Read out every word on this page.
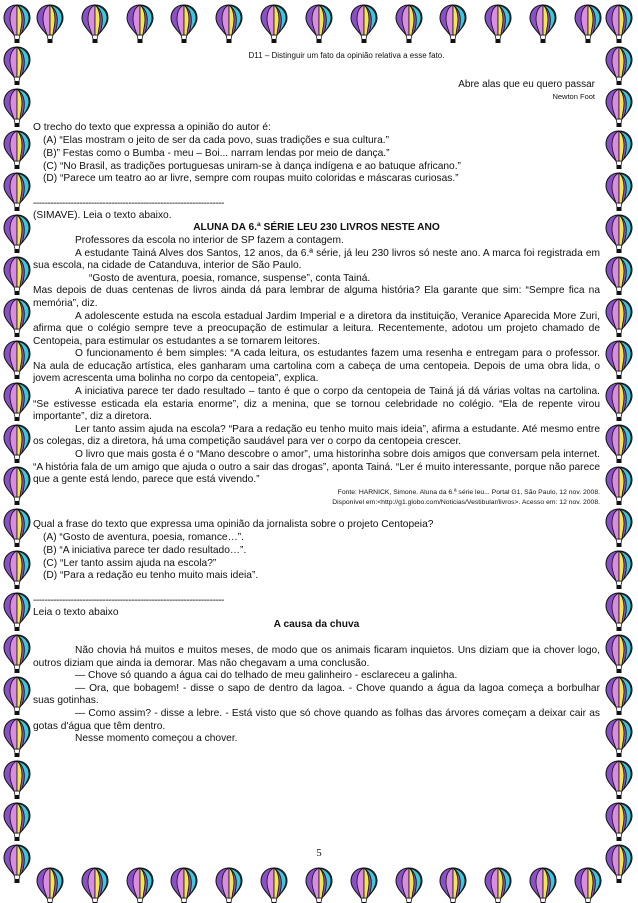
D11 – Distinguir um fato da opinião relativa a esse fato.
Abre alas que eu quero passar
Newton Foot
O trecho do texto que expressa a opinião do autor é:
(A) “Elas mostram o jeito de ser da cada povo, suas tradições e sua cultura.”
(B)” Festas como o Bumba - meu – Boi... narram lendas por meio de dança.”
(C) “No Brasil, as tradições portuguesas uniram-se à dança indígena e ao batuque africano.”
(D) “Parece um teatro ao ar livre, sempre com roupas muito coloridas e máscaras curiosas.”
------------------------------------------------------------------
(SIMAVE). Leia o texto abaixo.
ALUNA DA 6.ª SÉRIE LEU 230 LIVROS NESTE ANO
Professores da escola no interior de SP fazem a contagem.
A estudante Tainá Alves dos Santos, 12 anos, da 6.ª série, já leu 230 livros só neste ano. A marca foi registrada em sua escola, na cidade de Catanduva, interior de São Paulo.
“Gosto de aventura, poesia, romance, suspense”, conta Tainá.
Mas depois de duas centenas de livros ainda dá para lembrar de alguma história? Ela garante que sim: “Sempre fica na memória”, diz.
A adolescente estuda na escola estadual Jardim Imperial e a diretora da instituição, Veranice Aparecida More Zuri, afirma que o colégio sempre teve a preocupação de estimular a leitura. Recentemente, adotou um projeto chamado de Centopeia, para estimular os estudantes a se tornarem leitores.
O funcionamento é bem simples: “A cada leitura, os estudantes fazem uma resenha e entregam para o professor. Na aula de educação artística, eles ganharam uma cartolina com a cabeça de uma centopeia. Depois de uma obra lida, o jovem acrescenta uma bolinha no corpo da centopeia”, explica.
A iniciativa parece ter dado resultado – tanto é que o corpo da centopeia de Tainá já dá várias voltas na cartolina. “Se estivesse esticada ela estaria enorme”, diz a menina, que se tornou celebridade no colégio. “Ela de repente virou importante”, diz a diretora.
Ler tanto assim ajuda na escola? “Para a redação eu tenho muito mais ideia”, afirma a estudante. Até mesmo entre os colegas, diz a diretora, há uma competição saudável para ver o corpo da centopeia crescer.
O livro que mais gosta é o “Mano descobre o amor”, uma historinha sobre dois amigos que conversam pela internet. “A história fala de um amigo que ajuda o outro a sair das drogas”, aponta Tainá. “Ler é muito interessante, porque não parece que a gente está lendo, parece que está vivendo.”
Fonte: HARNICK, Simone. Aluna da 6.ª série leu... Portal G1, São Paulo, 12 nov. 2008.
Disponível em:<http://g1.globo.com/Noticias/Vestibular/livros>. Acesso em: 12 nov. 2008.
Qual a frase do texto que expressa uma opinião da jornalista sobre o projeto Centopeia?
(A) “Gosto de aventura, poesia, romance…”.
(B) “A iniciativa parece ter dado resultado…”.
(C) “Ler tanto assim ajuda na escola?”
(D) “Para a redação eu tenho muito mais ideia”.
------------------------------------------------------------------
Leia o texto abaixo
A causa da chuva
Não chovia há muitos e muitos meses, de modo que os animais ficaram inquietos. Uns diziam que ia chover logo, outros diziam que ainda ia demorar. Mas não chegavam a uma conclusão.
— Chove só quando a água cai do telhado de meu galinheiro - esclareceu a galinha.
— Ora, que bobagem! - disse o sapo de dentro da lagoa. - Chove quando a água da lagoa começa a borbulhar suas gotinhas.
— Como assim? - disse a lebre. - Está visto que só chove quando as folhas das árvores começam a deixar cair as gotas d'água que têm dentro.
Nesse momento começou a chover.
5
